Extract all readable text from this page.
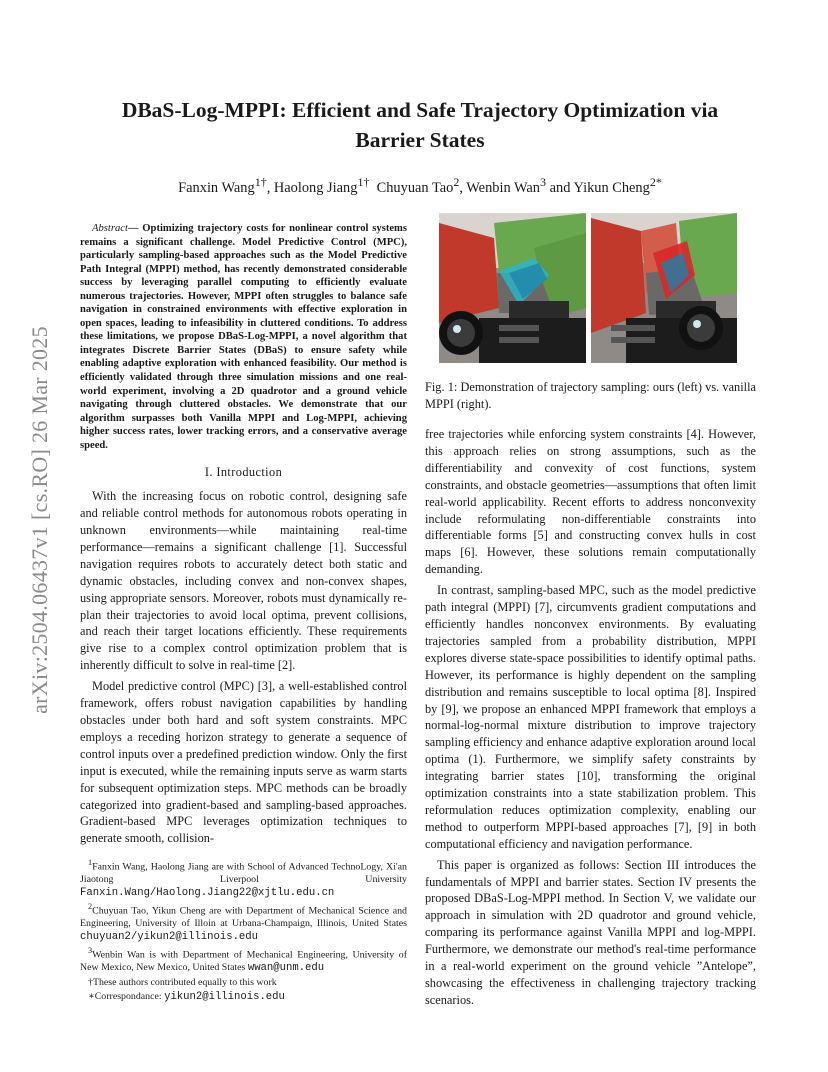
arXiv:2504.06437v1 [cs.RO] 26 Mar 2025
DBaS-Log-MPPI: Efficient and Safe Trajectory Optimization via
Barrier States
Fanxin Wang$^{1\dagger}$, Haolong Jiang$^{1\dagger}$ Chuyuan Tao$^2$, Wenbin Wan$^3$ and Yikun Cheng$^{2*}$

Abstract— Optimizing trajectory costs for nonlinear control systems remains a significant challenge. Model Predictive Control (MPC), particularly sampling-based approaches such as the Model Predictive Path Integral (MPPI) method, has recently demonstrated considerable success by leveraging parallel computing to efficiently evaluate numerous trajectories. However, MPPI often struggles to balance safe navigation in constrained environments with effective exploration in open spaces, leading to infeasibility in cluttered conditions. To address these limitations, we propose DBaS-Log-MPPI, a novel algorithm that integrates Discrete Barrier States (DBaS) to ensure safety while enabling adaptive exploration with enhanced feasibility. Our method is efficiently validated through three simulation missions and one real-world experiment, involving a 2D quadrotor and a ground vehicle navigating through cluttered obstacles. We demonstrate that our algorithm surpasses both Vanilla MPPI and Log-MPPI, achieving higher success rates, lower tracking errors, and a conservative average speed.

I. Introduction

With the increasing focus on robotic control, designing safe and reliable control methods for autonomous robots operating in unknown environments—while maintaining real-time performance—remains a significant challenge [1]. Successful navigation requires robots to accurately detect both static and dynamic obstacles, including convex and non-convex shapes, using appropriate sensors. Moreover, robots must dynamically re-plan their trajectories to avoid local optima, prevent collisions, and reach their target locations efficiently. These requirements give rise to a complex control optimization problem that is inherently difficult to solve in real-time [2].

Model predictive control (MPC) [3], a well-established control framework, offers robust navigation capabilities by handling obstacles under both hard and soft system constraints. MPC employs a receding horizon strategy to generate a sequence of control inputs over a predefined prediction window. Only the first input is executed, while the remaining inputs serve as warm starts for subsequent optimization steps. MPC methods can be broadly categorized into gradient-based and sampling-based approaches. Gradient-based MPC leverages optimization techniques to generate smooth, collision-

$^1$Fanxin Wang, Haolong Jiang are with School of Advanced TechnoLogy, Xi'an Jiaotong Liverpool University Fanxin.Wang/Haolong.Jiang22@xjtlu.edu.cn

$^2$Chuyuan Tao, Yikun Cheng are with Department of Mechanical Science and Engineering, University of Illoin at Urbana-Champaign, Illinois, United States chuyuan2/yikun2@illinois.edu

$^3$Wenbin Wan is with Department of Mechanical Engineering, University of New Mexico, New Mexico, United States wwan@unm.edu

†These authors contributed equally to this work

∗Correspondance: yikun2@illinois.edu

Fig. 1: Demonstration of trajectory sampling: ours (left) vs. vanilla MPPI (right).

free trajectories while enforcing system constraints [4]. However, this approach relies on strong assumptions, such as the differentiability and convexity of cost functions, system constraints, and obstacle geometries—assumptions that often limit real-world applicability. Recent efforts to address nonconvexity include reformulating non-differentiable constraints into differentiable forms [5] and constructing convex hulls in cost maps [6]. However, these solutions remain computationally demanding.

In contrast, sampling-based MPC, such as the model predictive path integral (MPPI) [7], circumvents gradient computations and efficiently handles nonconvex environments. By evaluating trajectories sampled from a probability distribution, MPPI explores diverse state-space possibilities to identify optimal paths. However, its performance is highly dependent on the sampling distribution and remains susceptible to local optima [8]. Inspired by [9], we propose an enhanced MPPI framework that employs a normal-log-normal mixture distribution to improve trajectory sampling efficiency and enhance adaptive exploration around local optima (1). Furthermore, we simplify safety constraints by integrating barrier states [10], transforming the original optimization constraints into a state stabilization problem. This reformulation reduces optimization complexity, enabling our method to outperform MPPI-based approaches [7], [9] in both computational efficiency and navigation performance.

This paper is organized as follows: Section III introduces the fundamentals of MPPI and barrier states. Section IV presents the proposed DBaS-Log-MPPI method. In Section V, we validate our approach in simulation with 2D quadrotor and ground vehicle, comparing its performance against Vanilla MPPI and log-MPPI. Furthermore, we demonstrate our method's real-time performance in a real-world experiment on the ground vehicle ”Antelope”, showcasing the effectiveness in challenging trajectory tracking scenarios.
